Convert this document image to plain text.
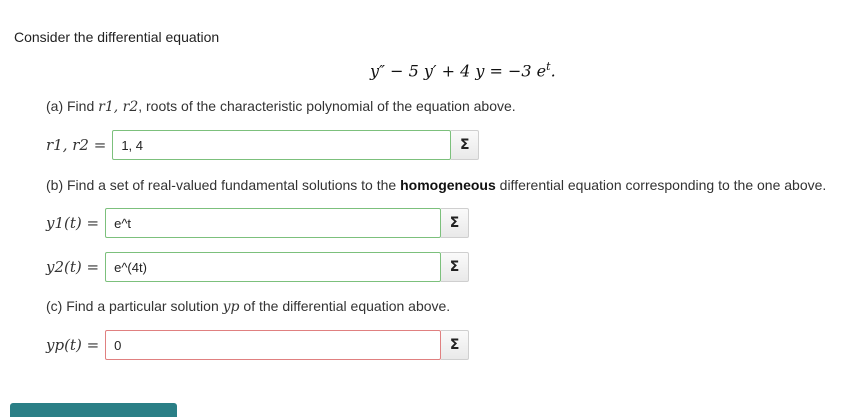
Consider the differential equation
y″ − 5 y′ + 4 y = −3 $e^t$.
(a) Find r1, r2, roots of the characteristic polynomial of the equation above.
r1, r2 =
1, 4	Σ
(b) Find a set of real-valued fundamental solutions to the homogeneous differential equation corresponding to the one above.
y1(t) =
e^t	Σ
y2(t) =
e^(4t)	Σ
(c) Find a particular solution yp of the differential equation above.
yp(t) =
0	Σ
